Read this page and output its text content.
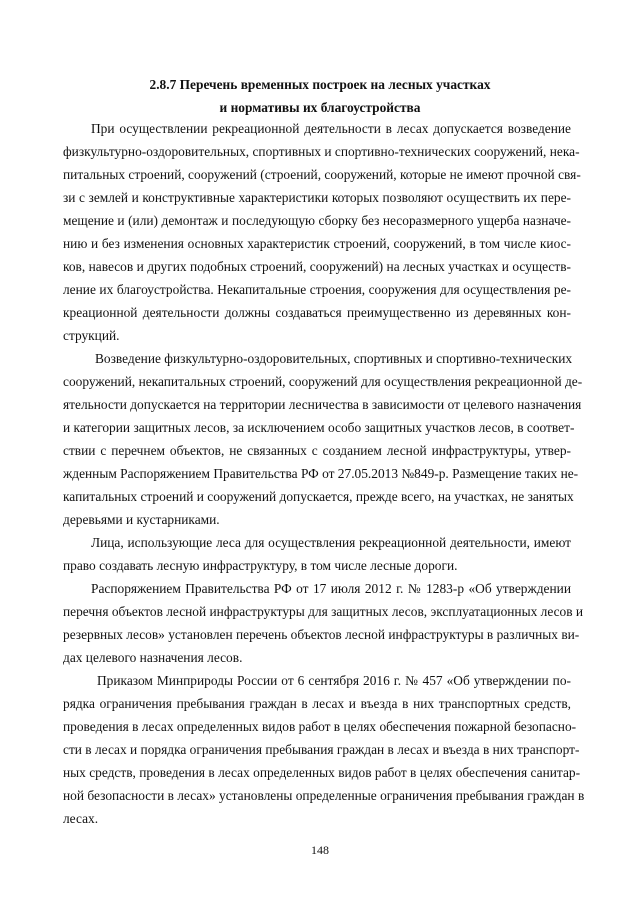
2.8.7 Перечень временных построек на лесных участках

и нормативы их благоустройства

При осуществлении рекреационной деятельности в лесах допускается возведение

физкультурно-оздоровительных, спортивных и спортивно-технических сооружений, нека-

питальных строений, сооружений (строений, сооружений, которые не имеют прочной свя-

зи с землей и конструктивные характеристики которых позволяют осуществить их пере-

мещение и (или) демонтаж и последующую сборку без несоразмерного ущерба назначе-

нию и без изменения основных характеристик строений, сооружений, в том числе киос-

ков, навесов и других подобных строений, сооружений) на лесных участках и осуществ-

ление их благоустройства. Некапитальные строения, сооружения для осуществления ре-

креационной деятельности должны создаваться преимущественно из деревянных кон-

струкций.

Возведение физкультурно-оздоровительных, спортивных и спортивно-технических

сооружений, некапитальных строений, сооружений для осуществления рекреационной де-

ятельности допускается на территории лесничества в зависимости от целевого назначения

и категории защитных лесов, за исключением особо защитных участков лесов, в соответ-

ствии с перечнем объектов, не связанных с созданием лесной инфраструктуры, утвер-

жденным Распоряжением Правительства РФ от 27.05.2013 №849-р. Размещение таких не-

капитальных строений и сооружений допускается, прежде всего, на участках, не занятых

деревьями и кустарниками.

Лица, использующие леса для осуществления рекреационной деятельности, имеют

право создавать лесную инфраструктуру, в том числе лесные дороги.

Распоряжением Правительства РФ от 17 июля 2012 г. № 1283-р «Об утверждении

перечня объектов лесной инфраструктуры для защитных лесов, эксплуатационных лесов и

резервных лесов» установлен перечень объектов лесной инфраструктуры в различных ви-

дах целевого назначения лесов.

Приказом Минприроды России от 6 сентября 2016 г. № 457 «Об утверждении по-

рядка ограничения пребывания граждан в лесах и въезда в них транспортных средств,

проведения в лесах определенных видов работ в целях обеспечения пожарной безопасно-

сти в лесах и порядка ограничения пребывания граждан в лесах и въезда в них транспорт-

ных средств, проведения в лесах определенных видов работ в целях обеспечения санитар-

ной безопасности в лесах» установлены определенные ограничения пребывания граждан в

лесах.

148
